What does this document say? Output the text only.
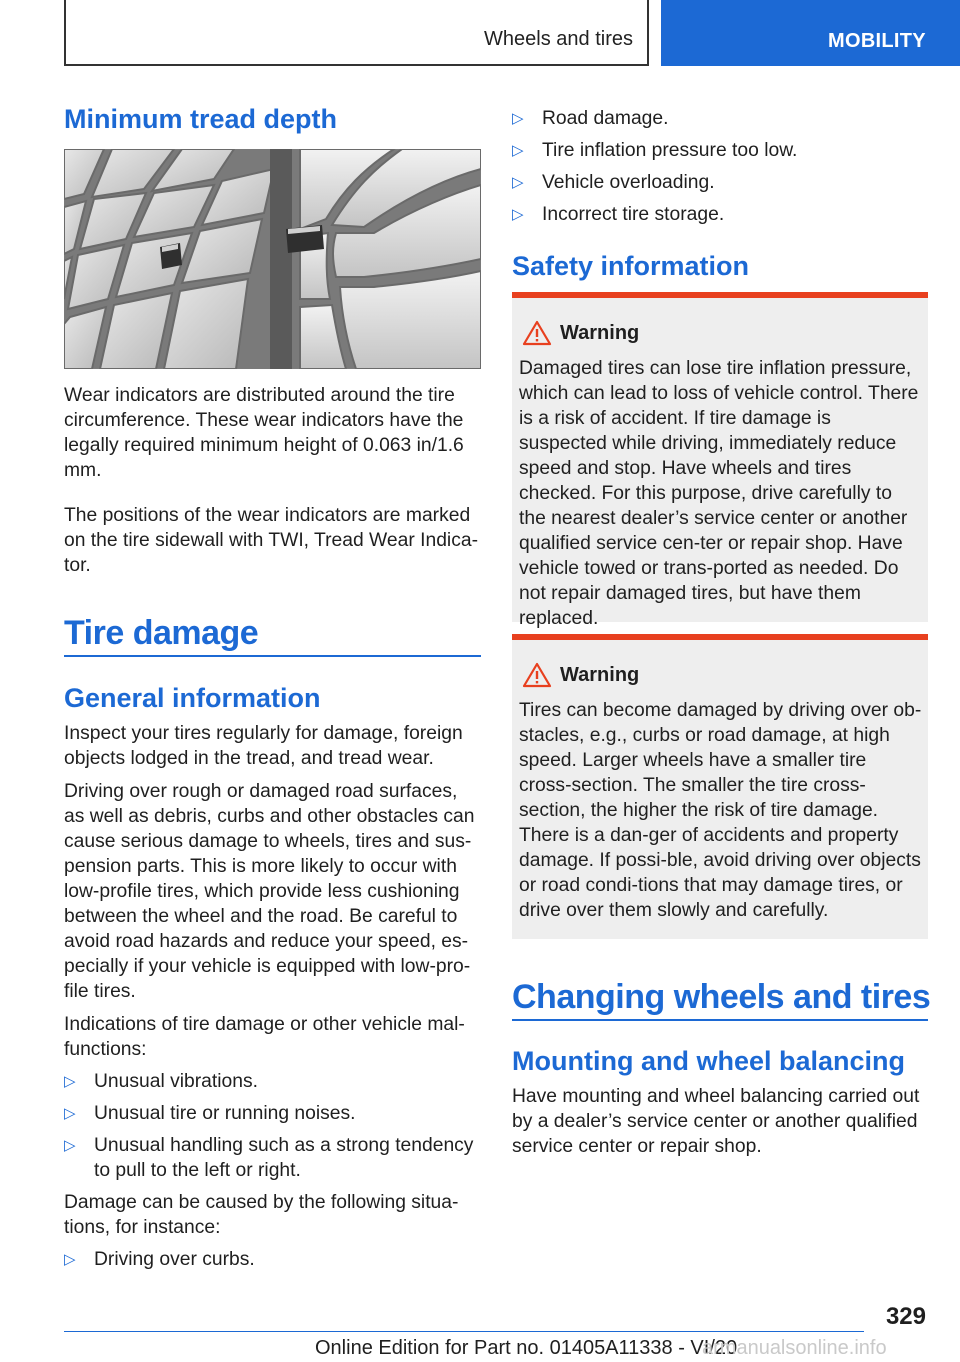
Wheels and tires	MOBILITY
Minimum tread depth
Wear indicators are distributed around the tire circumference. These wear indicators have the legally required minimum height of 0.063 in/1.6 mm.
The positions of the wear indicators are marked on the tire sidewall with TWI, Tread Wear Indica‐tor.
Tire damage
General information
Inspect your tires regularly for damage, foreign objects lodged in the tread, and tread wear.
Driving over rough or damaged road surfaces, as well as debris, curbs and other obstacles can cause serious damage to wheels, tires and sus‐pension parts. This is more likely to occur with low-profile tires, which provide less cushioning between the wheel and the road. Be careful to avoid road hazards and reduce your speed, es‐pecially if your vehicle is equipped with low-pro‐file tires.
Indications of tire damage or other vehicle mal‐functions:
▷ Unusual vibrations.
▷ Unusual tire or running noises.
▷ Unusual handling such as a strong tendency to pull to the left or right.
Damage can be caused by the following situa‐tions, for instance:
▷ Driving over curbs.
▷ Road damage.
▷ Tire inflation pressure too low.
▷ Vehicle overloading.
▷ Incorrect tire storage.
Safety information
Warning
Damaged tires can lose tire inflation pressure, which can lead to loss of vehicle control. There is a risk of accident. If tire damage is suspected while driving, immediately reduce speed and stop. Have wheels and tires checked. For this purpose, drive carefully to the nearest dealer’s service center or another qualified service cen‐ter or repair shop. Have vehicle towed or trans‐ported as needed. Do not repair damaged tires, but have them replaced.
Warning
Tires can become damaged by driving over ob‐stacles, e.g., curbs or road damage, at high speed. Larger wheels have a smaller tire cross-section. The smaller the tire cross-section, the higher the risk of tire damage. There is a dan‐ger of accidents and property damage. If possi‐ble, avoid driving over objects or road condi‐tions that may damage tires, or drive over them slowly and carefully.
Changing wheels and tires
Mounting and wheel balancing
Have mounting and wheel balancing carried out by a dealer’s service center or another qualified service center or repair shop.
329
Online Edition for Part no. 01405A11338 - VI/20
armanualsonline.info
